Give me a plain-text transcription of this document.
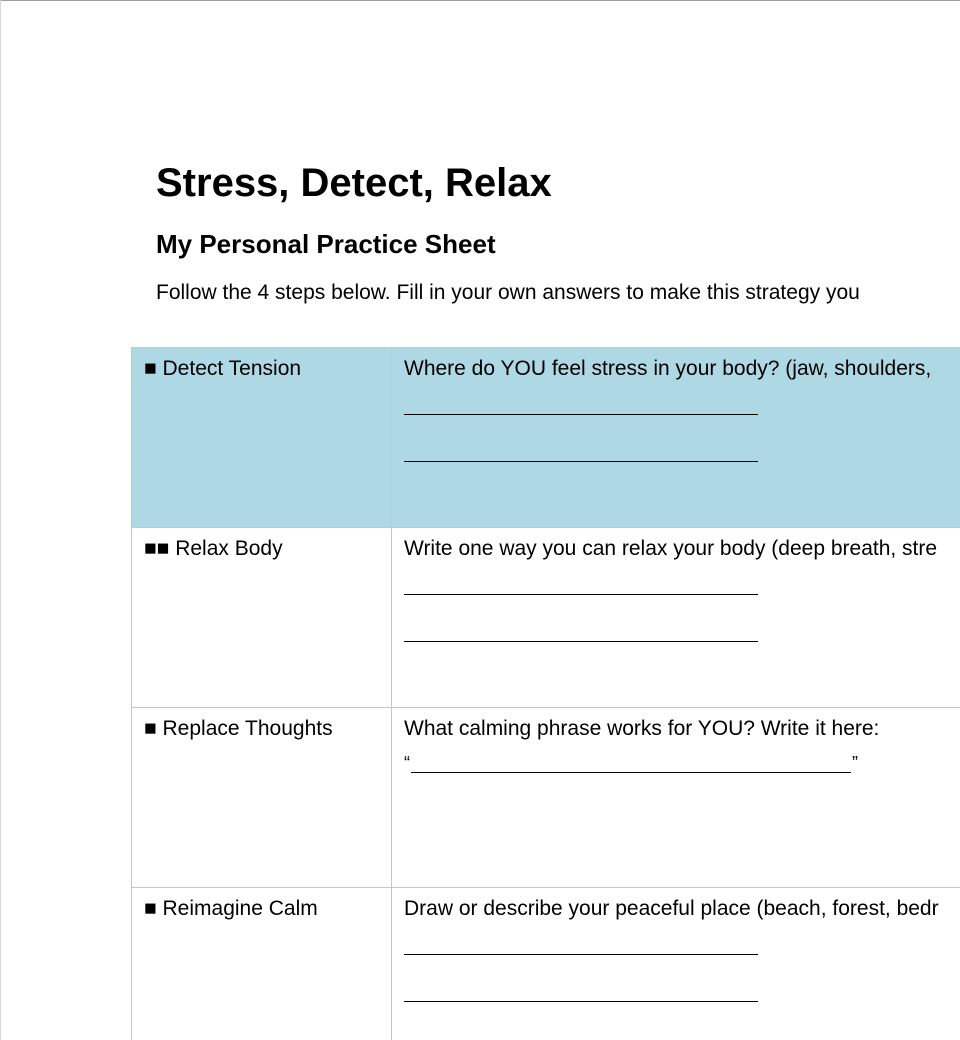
Stress, Detect, Relax
My Personal Practice Sheet

Follow the 4 steps below. Fill in your own answers to make this strategy you

■ Detect Tension	Where do YOU feel stress in your body? (jaw, shoulders,

■■ Relax Body	Write one way you can relax your body (deep breath, stre

■ Replace Thoughts	What calming phrase works for YOU? Write it here:
“ ”

■ Reimagine Calm	Draw or describe your peaceful place (beach, forest, bedr
